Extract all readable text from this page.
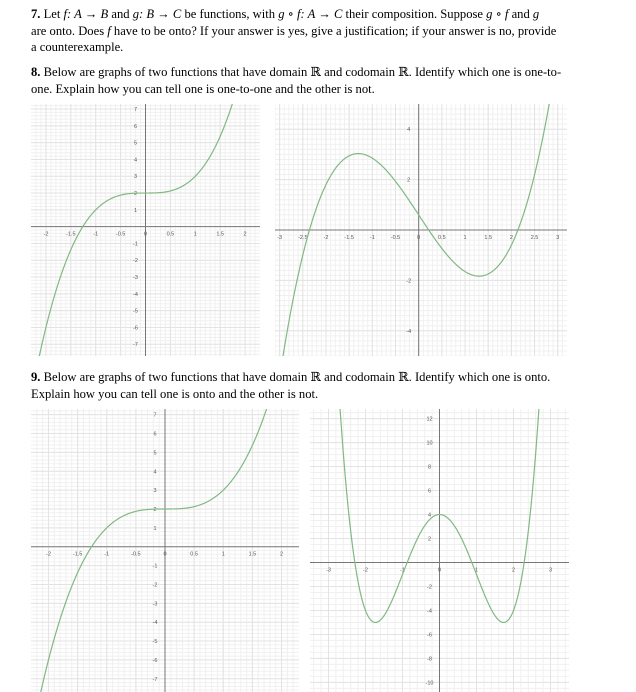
7. Let f: A → B and g: B → C be functions, with g ∘ f: A → C their composition. Suppose g ∘ f and g
are onto. Does f have to be onto? If your answer is yes, give a justification; if your answer is no, provide
a counterexample.
8. Below are graphs of two functions that have domain ℝ and codomain ℝ. Identify which one is one-to-
one. Explain how you can tell one is one-to-one and the other is not.
9. Below are graphs of two functions that have domain ℝ and codomain ℝ. Identify which one is onto.
Explain how you can tell one is onto and the other is not.
-2	-1.5	-1	-0.5	0	0.5	1	1.5	2
-7
-6
-5
-4
-3
-2
-1
1
2
3
4
5
6
7
-3	-2.5	-2	-1.5	-1	-0.5	0	0.5	1	1.5	2	2.5	3
-4
-2
2
4
-2	-1.5	-1	-0.5	0	0.5	1	1.5	2
-7
-6
-5
-4
-3
-2
-1
1
2
3
4
5
6
7
-3	-2	-1	0	1	2	3
-10
-8
-6
-4
-2
2
4
6
8
10
12
